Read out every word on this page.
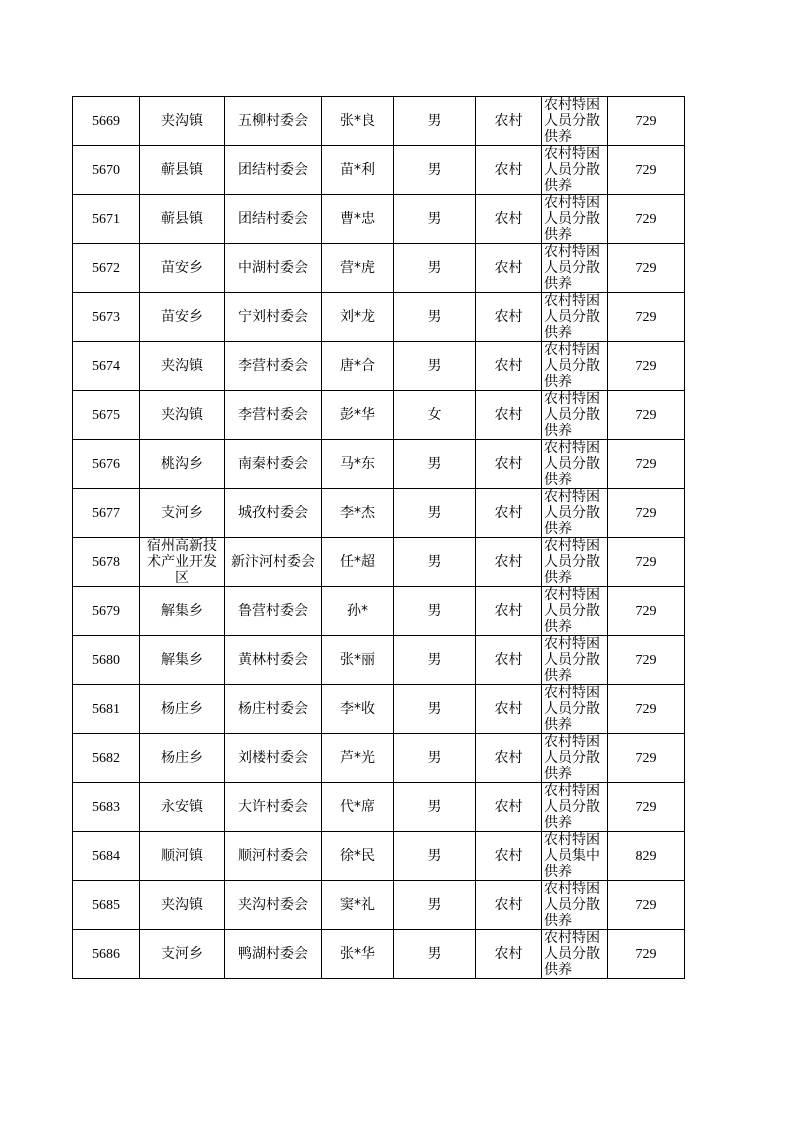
5669	夹沟镇	五柳村委会	张*良	男	农村	农村特困人员分散供养	729
5670	蕲县镇	团结村委会	苗*利	男	农村	农村特困人员分散供养	729
5671	蕲县镇	团结村委会	曹*忠	男	农村	农村特困人员分散供养	729
5672	苗安乡	中湖村委会	营*虎	男	农村	农村特困人员分散供养	729
5673	苗安乡	宁刘村委会	刘*龙	男	农村	农村特困人员分散供养	729
5674	夹沟镇	李营村委会	唐*合	男	农村	农村特困人员分散供养	729
5675	夹沟镇	李营村委会	彭*华	女	农村	农村特困人员分散供养	729
5676	桃沟乡	南秦村委会	马*东	男	农村	农村特困人员分散供养	729
5677	支河乡	城孜村委会	李*杰	男	农村	农村特困人员分散供养	729
5678	宿州高新技术产业开发区	新汴河村委会	任*超	男	农村	农村特困人员分散供养	729
5679	解集乡	鲁营村委会	孙*	男	农村	农村特困人员分散供养	729
5680	解集乡	黄林村委会	张*丽	男	农村	农村特困人员分散供养	729
5681	杨庄乡	杨庄村委会	李*收	男	农村	农村特困人员分散供养	729
5682	杨庄乡	刘楼村委会	芦*光	男	农村	农村特困人员分散供养	729
5683	永安镇	大许村委会	代*席	男	农村	农村特困人员分散供养	729
5684	顺河镇	顺河村委会	徐*民	男	农村	农村特困人员集中供养	829
5685	夹沟镇	夹沟村委会	窦*礼	男	农村	农村特困人员分散供养	729
5686	支河乡	鸭湖村委会	张*华	男	农村	农村特困人员分散供养	729
